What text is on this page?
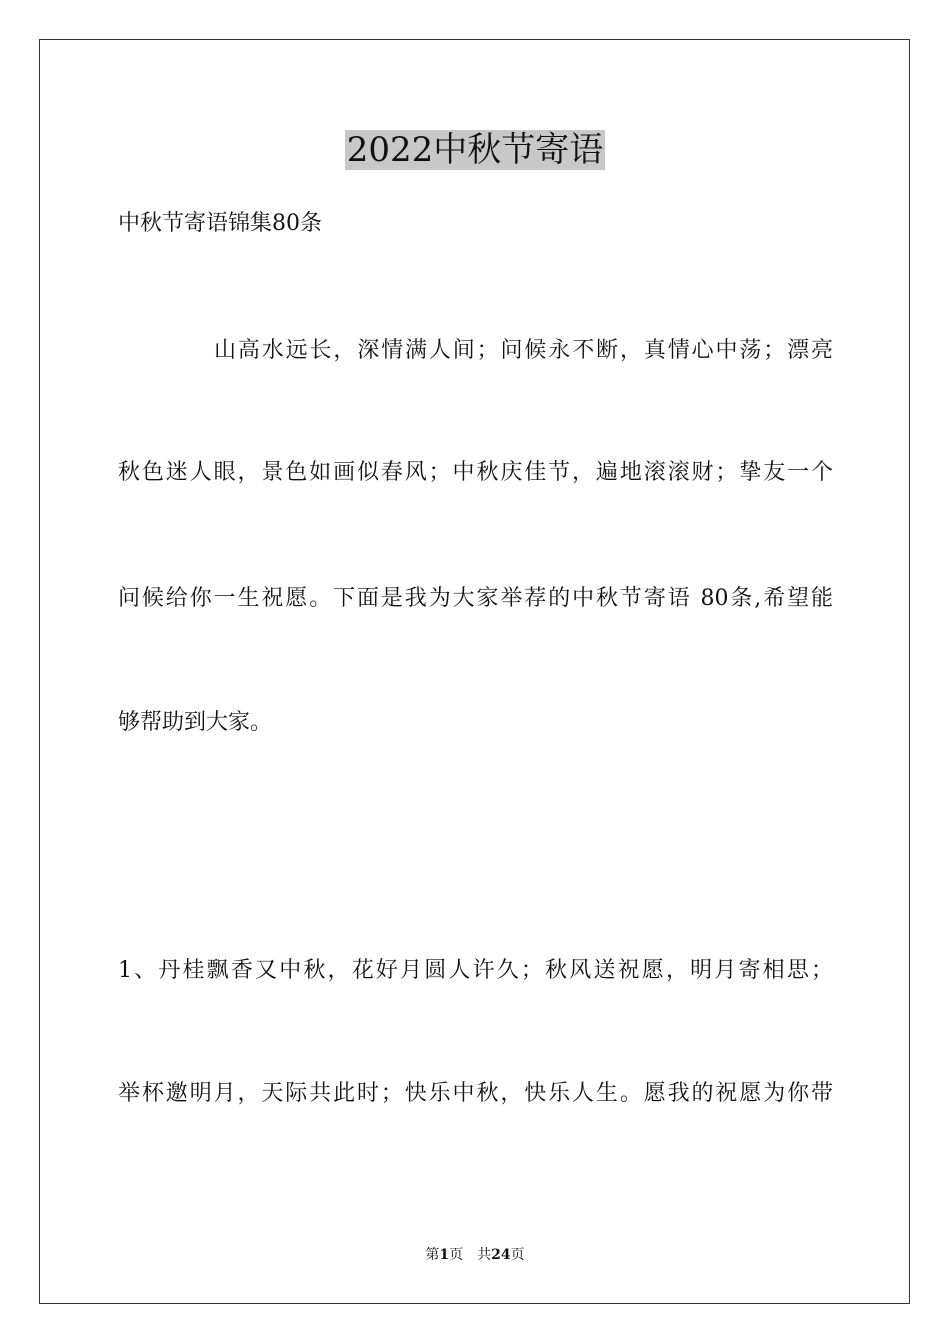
2022中秋节寄语

中秋节寄语锦集80条

山高水远长，深情满人间；问候永不断，真情心中荡；漂亮

秋色迷人眼，景色如画似春风；中秋庆佳节，遍地滚滚财；挚友一个

问候给你一生祝愿。下面是我为大家举荐的中秋节寄语 80条,希望能

够帮助到大家。

1、丹桂飘香又中秋，花好月圆人许久；秋风送祝愿，明月寄相思；

举杯邀明月，天际共此时；快乐中秋，快乐人生。愿我的祝愿为你带

第1页 共24页
